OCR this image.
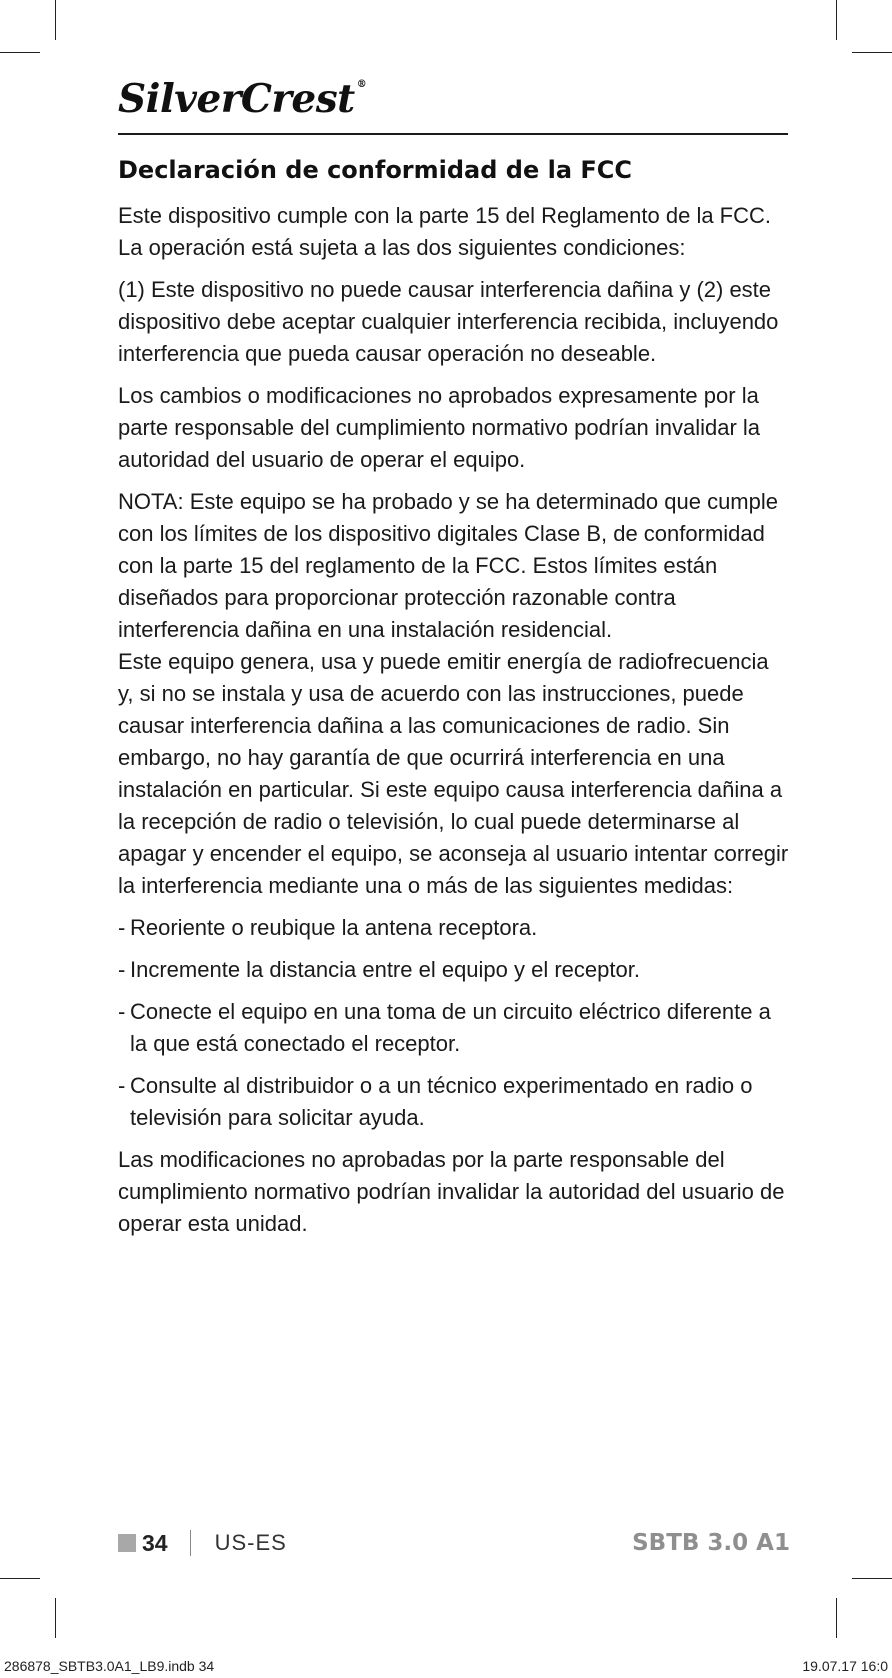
SilverCrest ®
Declaración de conformidad de la FCC

Este dispositivo cumple con la parte 15 del Reglamento de la FCC. La operación está sujeta a las dos siguientes condiciones:

(1) Este dispositivo no puede causar interferencia dañina y (2) este dispositivo debe aceptar cualquier interferencia recibida, incluyendo interferencia que pueda causar operación no deseable.

Los cambios o modificaciones no aprobados expresamente por la parte responsable del cumplimiento normativo podrían invalidar la autoridad del usuario de operar el equipo.

NOTA: Este equipo se ha probado y se ha determinado que cumple con los límites de los dispositivo digitales Clase B, de conformidad con la parte 15 del reglamento de la FCC. Estos límites están diseñados para proporcionar protección razonable contra interferencia dañina en una instalación residencial.

Este equipo genera, usa y puede emitir energía de radiofrecuencia y, si no se instala y usa de acuerdo con las instrucciones, puede causar interferencia dañina a las comunicaciones de radio. Sin embargo, no hay garantía de que ocurrirá interferencia en una instalación en particular. Si este equipo causa interferencia dañina a la recepción de radio o televisión, lo cual puede determinarse al apagar y encender el equipo, se aconseja al usuario intentar corregir la interferencia mediante una o más de las siguientes medidas:

- Reoriente o reubique la antena receptora.
- Incremente la distancia entre el equipo y el receptor.
- Conecte el equipo en una toma de un circuito eléctrico diferente a la que está conectado el receptor.
- Consulte al distribuidor o a un técnico experimentado en radio o televisión para solicitar ayuda.

Las modificaciones no aprobadas por la parte responsable del cumplimiento normativo podrían invalidar la autoridad del usuario de operar esta unidad.

34 US-ES	SBTB 3.0 A1
286878_SBTB3.0A1_LB9.indb 34	19.07.17 16:0
